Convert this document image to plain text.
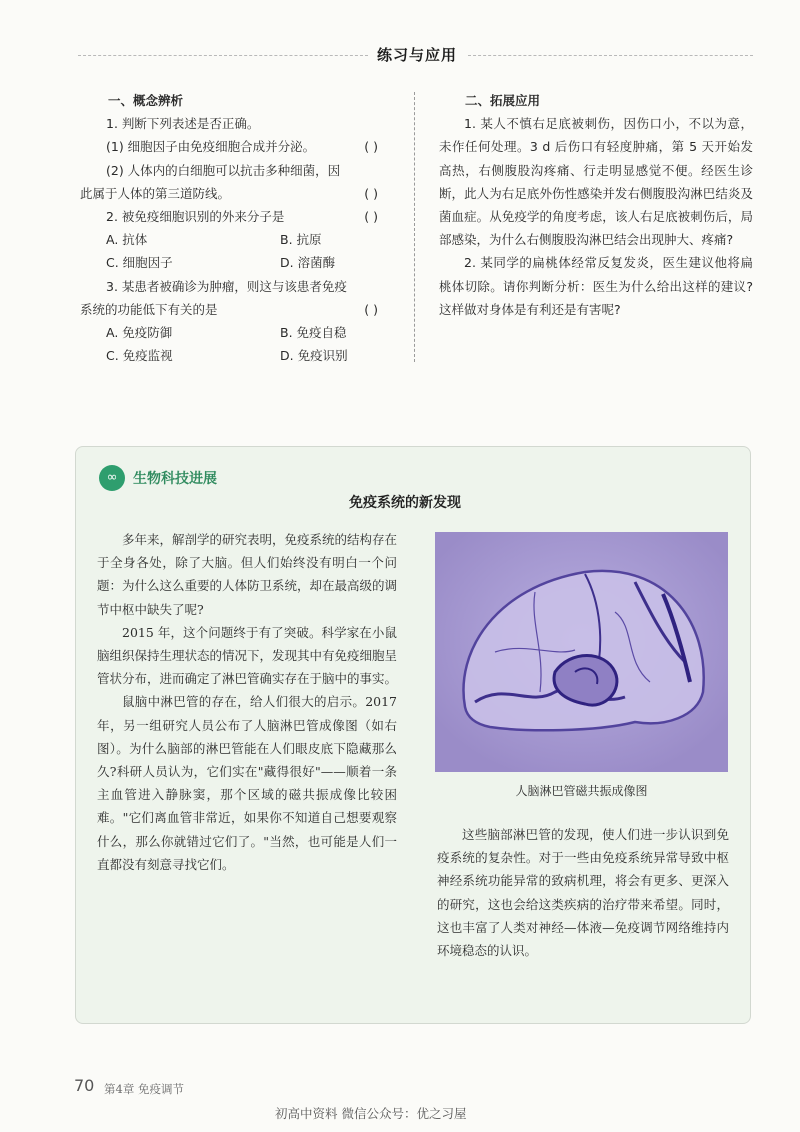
练习与应用
一、概念辨析
1. 判断下列表述是否正确。
(1) 细胞因子由免疫细胞合成并分泌。	( )
(2) 人体内的白细胞可以抗击多种细菌，因
此属于人体的第三道防线。	( )
2. 被免疫细胞识别的外来分子是	( )
A. 抗体	B. 抗原
C. 细胞因子	D. 溶菌酶
3. 某患者被确诊为肿瘤，则这与该患者免疫
系统的功能低下有关的是	( )
A. 免疫防御	B. 免疫自稳
C. 免疫监视	D. 免疫识别
二、拓展应用
1. 某人不慎右足底被刺伤，因伤口小，不以为意，未作任何处理。3 d 后伤口有轻度肿痛，第 5 天开始发高热，右侧腹股沟疼痛、行走明显感觉不便。经医生诊断，此人为右足底外伤性感染并发右侧腹股沟淋巴结炎及菌血症。从免疫学的角度考虑，该人右足底被刺伤后，局部感染，为什么右侧腹股沟淋巴结会出现肿大、疼痛?
2. 某同学的扁桃体经常反复发炎，医生建议他将扁桃体切除。请你判断分析：医生为什么给出这样的建议?这样做对身体是有利还是有害呢?
∞	生物科技进展
免疫系统的新发现

多年来，解剖学的研究表明，免疫系统的结构存在于全身各处，除了大脑。但人们始终没有明白一个问题：为什么这么重要的人体防卫系统，却在最高级的调节中枢中缺失了呢?

2015 年，这个问题终于有了突破。科学家在小鼠脑组织保持生理状态的情况下，发现其中有免疫细胞呈管状分布，进而确定了淋巴管确实存在于脑中的事实。

鼠脑中淋巴管的存在，给人们很大的启示。2017 年，另一组研究人员公布了人脑淋巴管成像图（如右图）。为什么脑部的淋巴管能在人们眼皮底下隐藏那么久?科研人员认为，它们实在"藏得很好"——顺着一条主血管进入静脉窦，那个区域的磁共振成像比较困难。"它们离血管非常近，如果你不知道自己想要观察什么，那么你就错过它们了。"当然，也可能是人们一直都没有刻意寻找它们。

人脑淋巴管磁共振成像图

这些脑部淋巴管的发现，使人们进一步认识到免疫系统的复杂性。对于一些由免疫系统异常导致中枢神经系统功能异常的致病机理，将会有更多、更深入的研究，这也会给这类疾病的治疗带来希望。同时，这也丰富了人类对神经—体液—免疫调节网络维持内环境稳态的认识。

70 第4章 免疫调节
初高中资料 微信公众号：优之习屋
